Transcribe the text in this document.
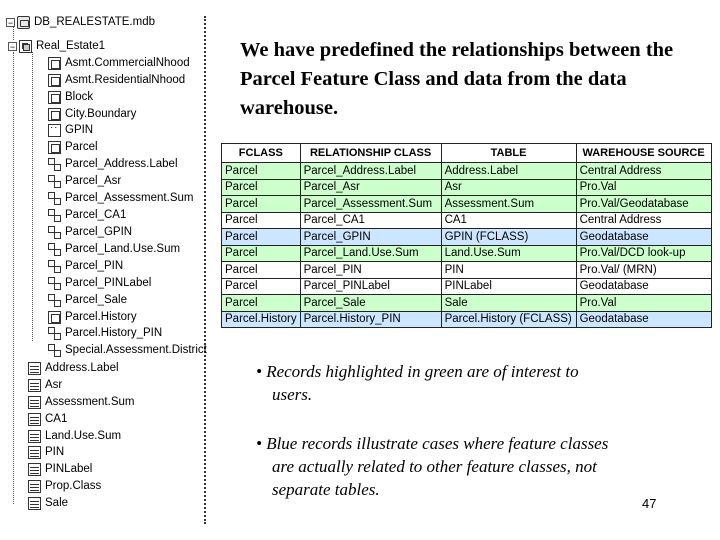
− DB_REALESTATE.mdb
− Real_Estate1
Asmt.CommercialNhood
Asmt.ResidentialNhood
Block
City.Boundary
· ·
GPIN
Parcel
Parcel_Address.Label
Parcel_Asr
Parcel_Assessment.Sum
Parcel_CA1
Parcel_GPIN
Parcel_Land.Use.Sum
Parcel_PIN
Parcel_PINLabel
Parcel_Sale
Parcel.History
Parcel.History_PIN
Special.Assessment.District
Address.Label
Asr
Assessment.Sum
CA1
Land.Use.Sum
PIN
PINLabel
Prop.Class
Sale
We have predefined the relationships between the Parcel Feature Class and data from the data warehouse.
FCLASS	RELATIONSHIP CLASS	TABLE	WAREHOUSE SOURCE
Parcel	Parcel_Address.Label	Address.Label	Central Address
Parcel	Parcel_Asr	Asr	Pro.Val
Parcel	Parcel_Assessment.Sum	Assessment.Sum	Pro.Val/Geodatabase
Parcel	Parcel_CA1	CA1	Central Address
Parcel	Parcel_GPIN	GPIN (FCLASS)	Geodatabase
Parcel	Parcel_Land.Use.Sum	Land.Use.Sum	Pro.Val/DCD look-up
Parcel	Parcel_PIN	PIN	Pro.Val/ (MRN)
Parcel	Parcel_PINLabel	PINLabel	Geodatabase
Parcel	Parcel_Sale	Sale	Pro.Val
Parcel.History	Parcel.History_PIN	Parcel.History (FCLASS)	Geodatabase
• Records highlighted in green are of interest to
users.
• Blue records illustrate cases where feature classes
are actually related to other feature classes, not
separate tables.
47
